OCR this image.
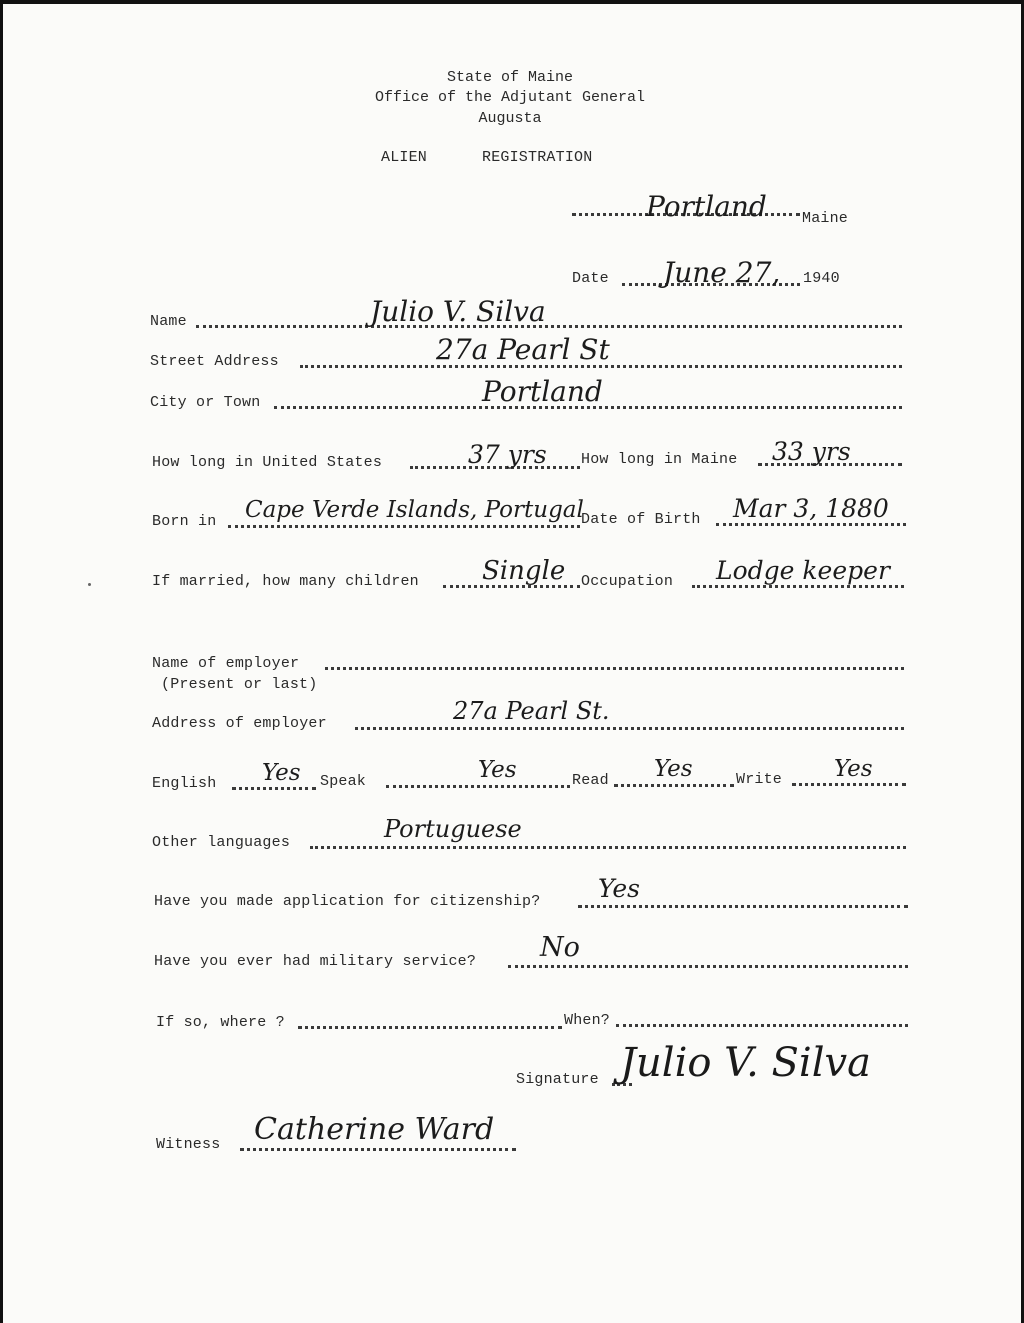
State of Maine
Office of the Adjutant General
Augusta
ALIEN	REGISTRATION
Portland Maine
Date June 27, 1940
Name	Julio V. Silva
Street Address	27a Pearl St
City or Town	Portland
How long in United States	37 yrs How long in Maine 33 yrs
Born in Cape Verde Islands, Portugal
Date of Birth Mar 3, 1880
If married, how many children Single Occupation Lodge keeper
Name of employer
(Present or last)
Address of employer	27a Pearl St.
English Yes Speak	Yes	Read Yes	Write Yes
Other languages	Portuguese
Have you made application for citizenship? Yes
Have you ever had military service? No
If so, where ?	When?
Signature Julio V. Silva
Witness Catherine Ward
